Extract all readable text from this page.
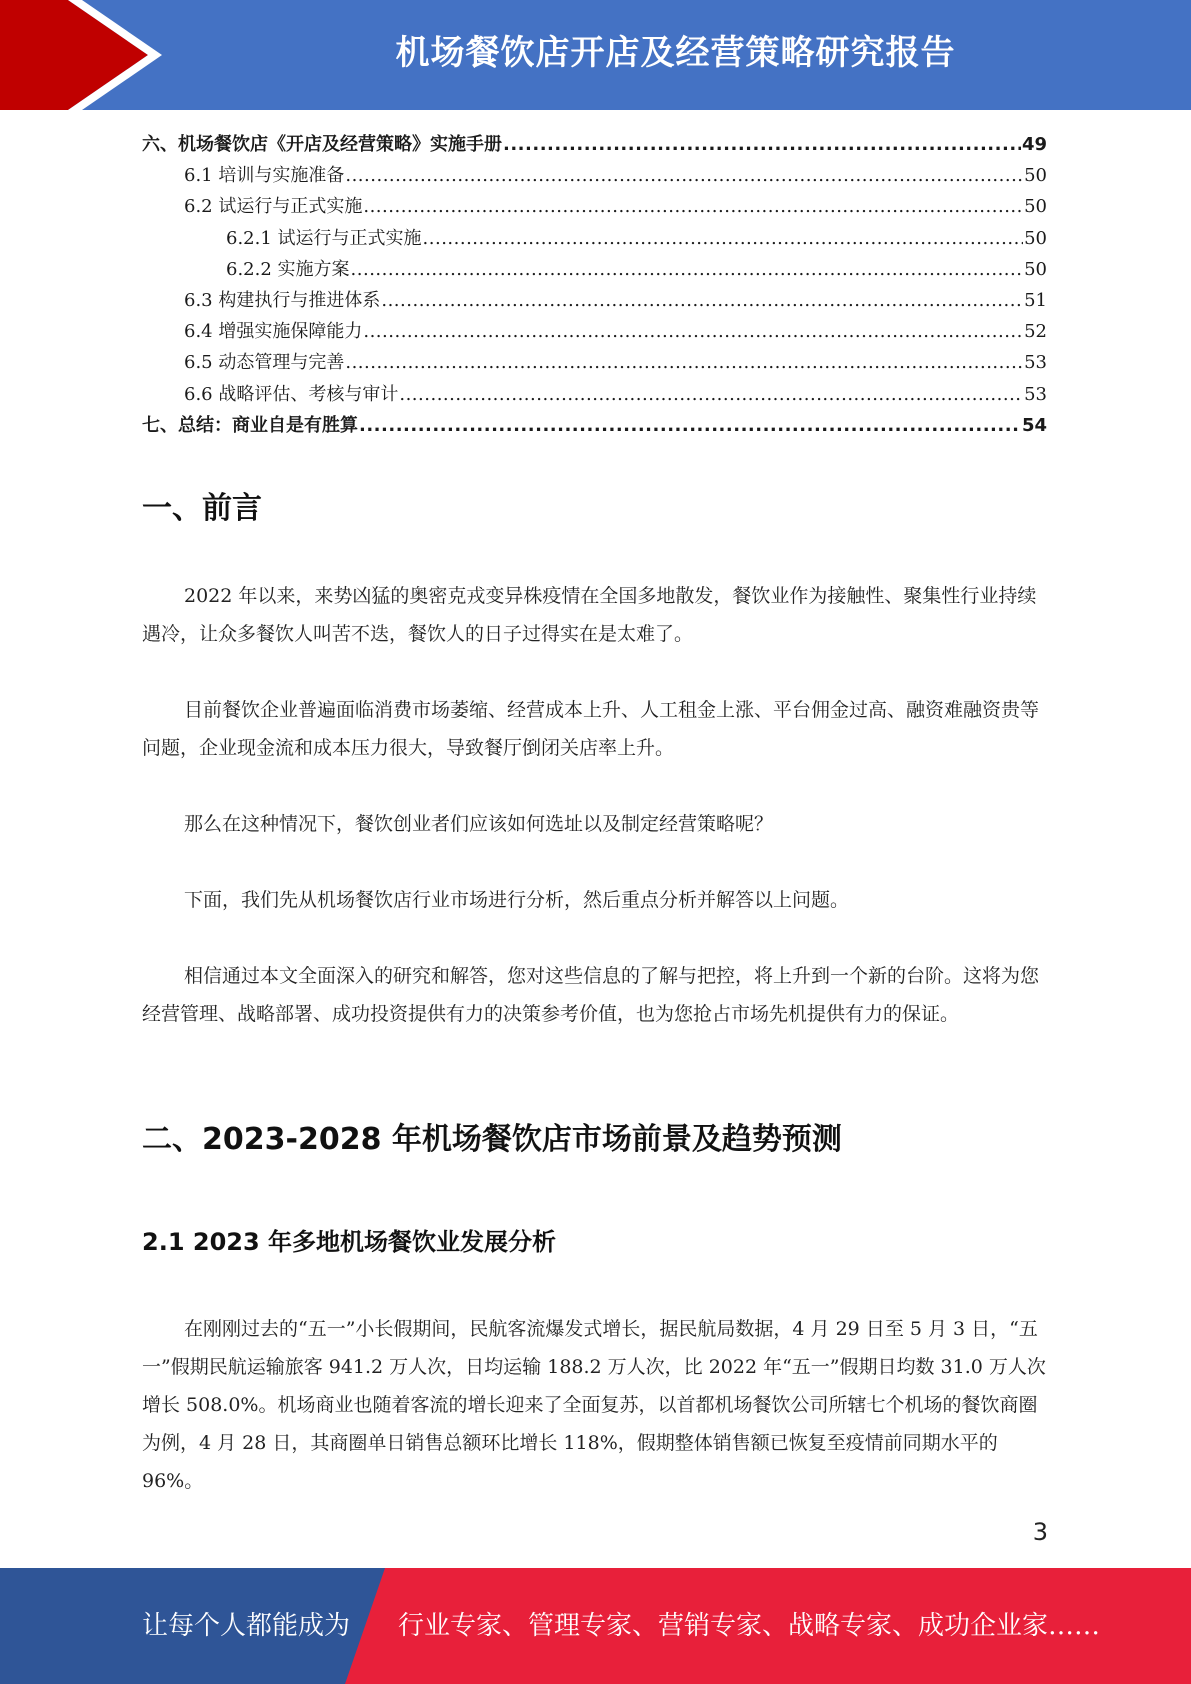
机场餐饮店开店及经营策略研究报告
六、机场餐饮店《开店及经营策略》实施手册 .....	49
6.1 培训与实施准备 .....	50
6.2 试运行与正式实施 .....	50
6.2.1 试运行与正式实施 .....	50
6.2.2 实施方案 .....	50
6.3 构建执行与推进体系 .....	51
6.4 增强实施保障能力 .....	52
6.5 动态管理与完善 .....	53
6.6 战略评估、考核与审计 .....	53
七、总结：商业自是有胜算 .....	54
一、前言

2022 年以来，来势凶猛的奥密克戎变异株疫情在全国多地散发，餐饮业作为接触性、聚集性行业持续遇冷，让众多餐饮人叫苦不迭，餐饮人的日子过得实在是太难了。

目前餐饮企业普遍面临消费市场萎缩、经营成本上升、人工租金上涨、平台佣金过高、融资难融资贵等问题，企业现金流和成本压力很大，导致餐厅倒闭关店率上升。

那么在这种情况下，餐饮创业者们应该如何选址以及制定经营策略呢？

下面，我们先从机场餐饮店行业市场进行分析，然后重点分析并解答以上问题。

相信通过本文全面深入的研究和解答，您对这些信息的了解与把控，将上升到一个新的台阶。这将为您经营管理、战略部署、成功投资提供有力的决策参考价值，也为您抢占市场先机提供有力的保证。

二、2023-2028 年机场餐饮店市场前景及趋势预测
2.1 2023 年多地机场餐饮业发展分析

在刚刚过去的“五一”小长假期间，民航客流爆发式增长，据民航局数据，4 月 29 日至 5 月 3 日，“五一”假期民航运输旅客 941.2 万人次，日均运输 188.2 万人次，比 2022 年“五一”假期日均数 31.0 万人次增长 508.0%。机场商业也随着客流的增长迎来了全面复苏，以首都机场餐饮公司所辖七个机场的餐饮商圈为例，4 月 28 日，其商圈单日销售总额环比增长 118%，假期整体销售额已恢复至疫情前同期水平的 96%。

3
让每个人都能成为 行业专家、管理专家、营销专家、战略专家、成功企业家……
